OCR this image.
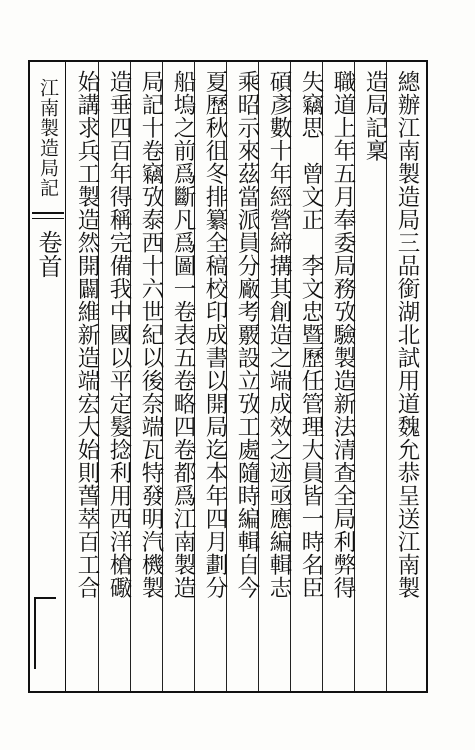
江南製造局記
卷首	總辦江南製造局三品銜湖北試用道魏允恭呈送江南製
造局記稟
職道上年五月奉委局務攷驗製造新法清查全局利弊得
失竊思　曾文正　李文忠暨歷任管理大員皆一時名臣
碩彥數十年經營締搆其創造之端成效之迹亟應編輯志
乘昭示來茲當派員分廠考覈設立攷工處隨時編輯自今
夏歷秋徂冬排纂全稿校印成書以開局迄本年四月劃分
船塢之前爲斷凡爲圖一卷表五卷略四卷都爲江南製造
局記十卷竊攷泰西十六世紀以後奈端瓦特發明汽機製
造垂四百年得稱完備我中國以平定髮捻利用西洋槍礮
始講求兵工製造然開闢維新造端宏大始則萅萃百工合
